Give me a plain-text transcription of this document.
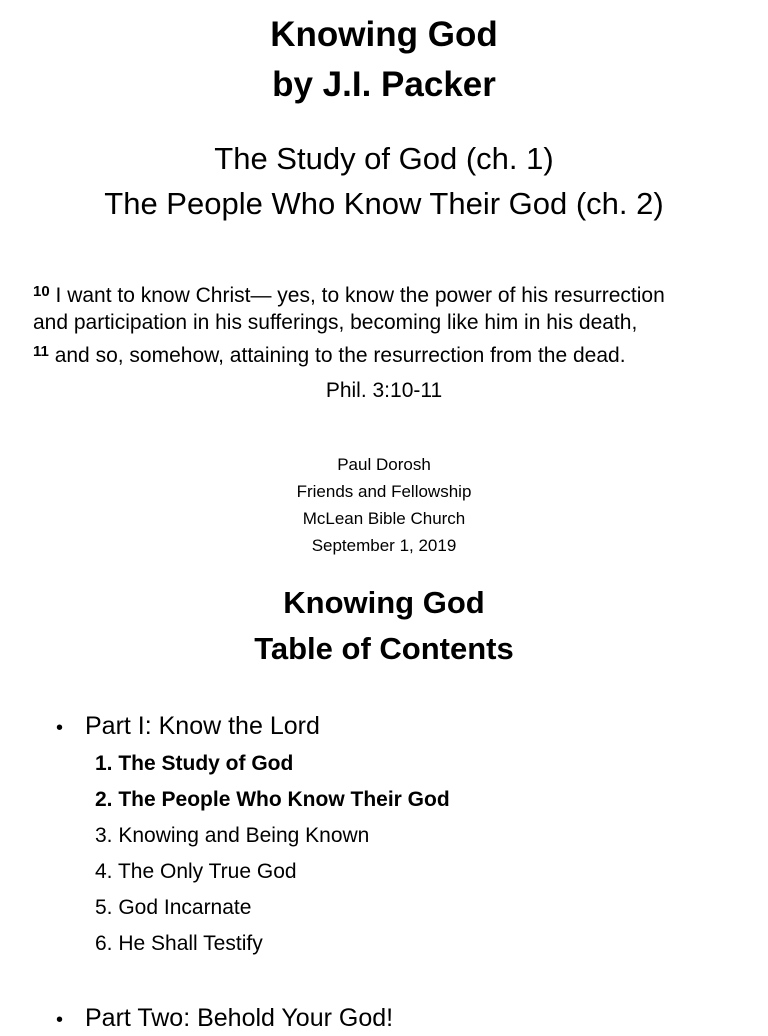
Knowing God
by J.I. Packer
The Study of God (ch. 1)
The People Who Know Their God (ch. 2)
$^{10}$ I want to know Christ— yes, to know the power of his resurrection
and participation in his sufferings, becoming like him in his death,
$^{11}$ and so, somehow, attaining to the resurrection from the dead.
Phil. 3:10-11
Paul Dorosh
Friends and Fellowship
McLean Bible Church
September 1, 2019
Knowing God
Table of Contents
• Part I: Know the Lord
1. The Study of God
2. The People Who Know Their God
3. Knowing and Being Known
4. The Only True God
5. God Incarnate
6. He Shall Testify
• Part Two: Behold Your God!
